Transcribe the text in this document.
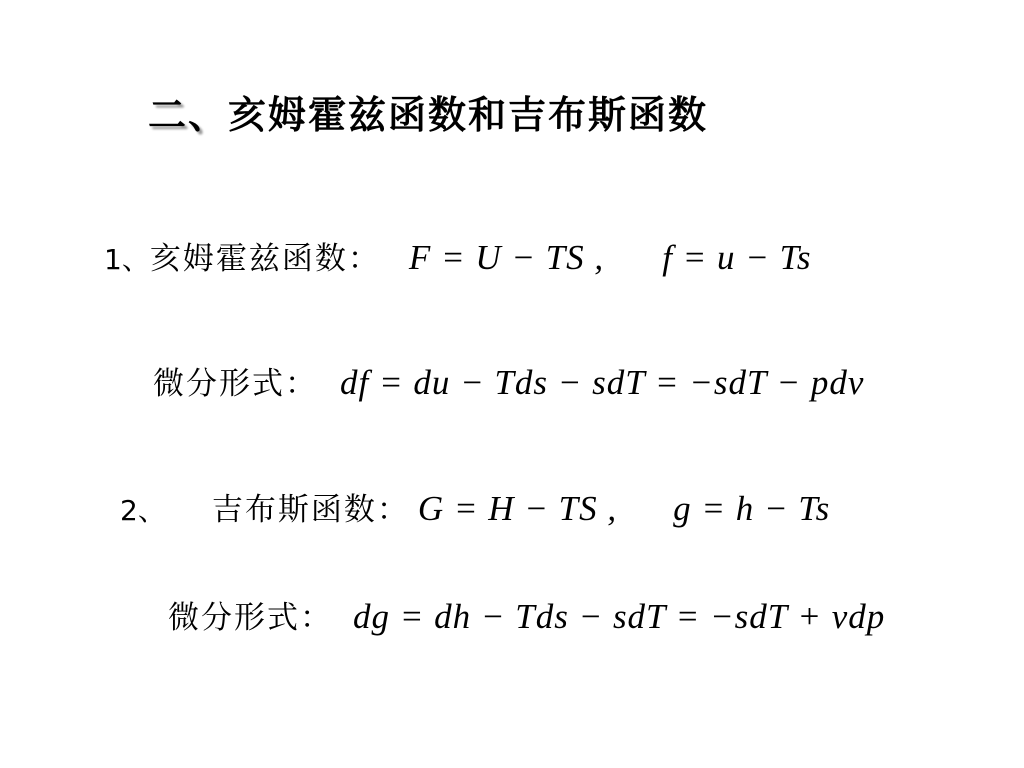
二、亥姆霍兹函数和吉布斯函数
1、 亥姆霍兹函数： F = U − TS , f = u − Ts
微分形式： df = du − Tds − sdT = −sdT − pdv
2、 吉布斯函数： G = H − TS , g = h − Ts
微分形式： dg = dh − Tds − sdT = −sdT + vdp
